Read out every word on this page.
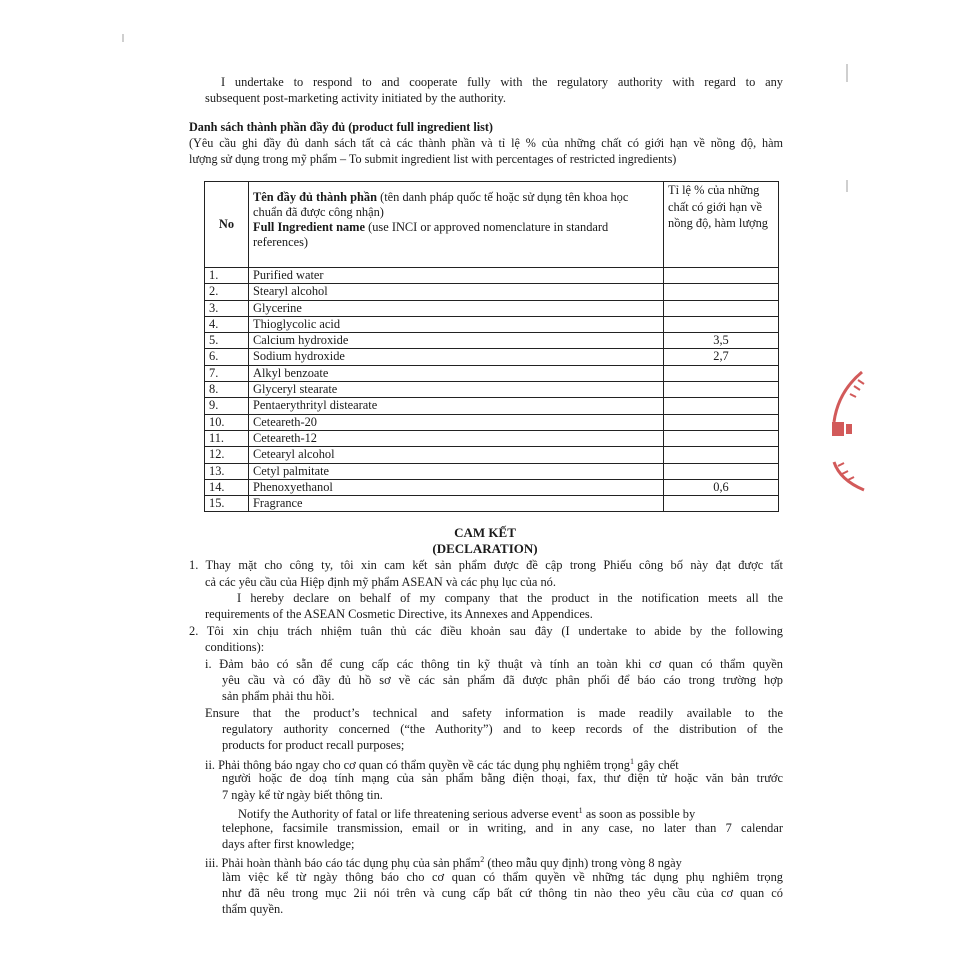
I undertake to respond to and cooperate fully with the regulatory authority with regard to any

subsequent post-marketing activity initiated by the authority.

Danh sách thành phần đầy đủ (product full ingredient list)

(Yêu cầu ghi đầy đủ danh sách tất cả các thành phần và tỉ lệ % của những chất có giới hạn về nồng độ, hàm

lượng sử dụng trong mỹ phẩm – To submit ingredient list with percentages of restricted ingredients)

No	Tên đầy đủ thành phần (tên danh pháp quốc tế hoặc sử dụng tên khoa học chuẩn đã được công nhận)
Full Ingredient name (use INCI or approved nomenclature in standard references)	Tỉ lệ % của những chất có giới hạn về nồng độ, hàm lượng
1.	Purified water	
2.	Stearyl alcohol	
3.	Glycerine	
4.	Thioglycolic acid	
5.	Calcium hydroxide	3,5
6.	Sodium hydroxide	2,7
7.	Alkyl benzoate	
8.	Glyceryl stearate	
9.	Pentaerythrityl distearate	
10.	Ceteareth-20	
11.	Ceteareth-12	
12.	Cetearyl alcohol	
13.	Cetyl palmitate	
14.	Phenoxyethanol	0,6
15.	Fragrance	
CAM KẾT
(DECLARATION)

1. Thay mặt cho công ty, tôi xin cam kết sản phẩm được đề cập trong Phiếu công bố này đạt được tất

cả các yêu cầu của Hiệp định mỹ phẩm ASEAN và các phụ lục của nó.

I hereby declare on behalf of my company that the product in the notification meets all the

requirements of the ASEAN Cosmetic Directive, its Annexes and Appendices.

2. Tôi xin chịu trách nhiệm tuân thủ các điều khoản sau đây (I undertake to abide by the following

conditions):

i. Đảm bảo có sẵn để cung cấp các thông tin kỹ thuật và tính an toàn khi cơ quan có thẩm quyền

yêu cầu và có đầy đủ hồ sơ về các sản phẩm đã được phân phối để báo cáo trong trường hợp

sản phẩm phải thu hồi.

Ensure that the product’s technical and safety information is made readily available to the

regulatory authority concerned (“the Authority”) and to keep records of the distribution of the

products for product recall purposes;

ii. Phải thông báo ngay cho cơ quan có thẩm quyền về các tác dụng phụ nghiêm trọng$^1$ gây chết

người hoặc đe doạ tính mạng của sản phẩm bằng điện thoại, fax, thư điện tử hoặc văn bản trước

7 ngày kể từ ngày biết thông tin.

Notify the Authority of fatal or life threatening serious adverse event$^1$ as soon as possible by

telephone, facsimile transmission, email or in writing, and in any case, no later than 7 calendar

days after first knowledge;

iii. Phải hoàn thành báo cáo tác dụng phụ của sản phẩm$^2$ (theo mẫu quy định) trong vòng 8 ngày

làm việc kể từ ngày thông báo cho cơ quan có thẩm quyền về những tác dụng phụ nghiêm trọng

như đã nêu trong mục 2ii nói trên và cung cấp bất cứ thông tin nào theo yêu cầu của cơ quan có

thẩm quyền.
